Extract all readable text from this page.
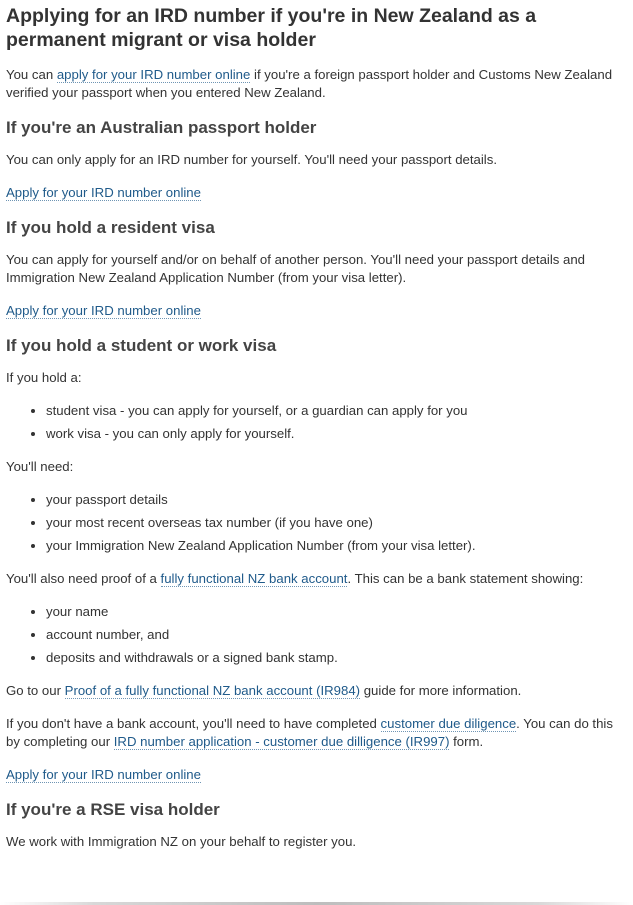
Applying for an IRD number if you're in New Zealand as a permanent migrant or visa holder

You can apply for your IRD number online if you're a foreign passport holder and Customs New Zealand verified your passport when you entered New Zealand.

If you're an Australian passport holder

You can only apply for an IRD number for yourself. You'll need your passport details.

Apply for your IRD number online

If you hold a resident visa

You can apply for yourself and/or on behalf of another person. You'll need your passport details and Immigration New Zealand Application Number (from your visa letter).

Apply for your IRD number online

If you hold a student or work visa

If you hold a:

• student visa - you can apply for yourself, or a guardian can apply for you
• work visa - you can only apply for yourself.

You'll need:

• your passport details
• your most recent overseas tax number (if you have one)
• your Immigration New Zealand Application Number (from your visa letter).

You'll also need proof of a fully functional NZ bank account. This can be a bank statement showing:

• your name
• account number, and
• deposits and withdrawals or a signed bank stamp.

Go to our Proof of a fully functional NZ bank account (IR984) guide for more information.

If you don't have a bank account, you'll need to have completed customer due diligence. You can do this by completing our IRD number application - customer due dilligence (IR997) form.

Apply for your IRD number online

If you're a RSE visa holder

We work with Immigration NZ on your behalf to register you.
